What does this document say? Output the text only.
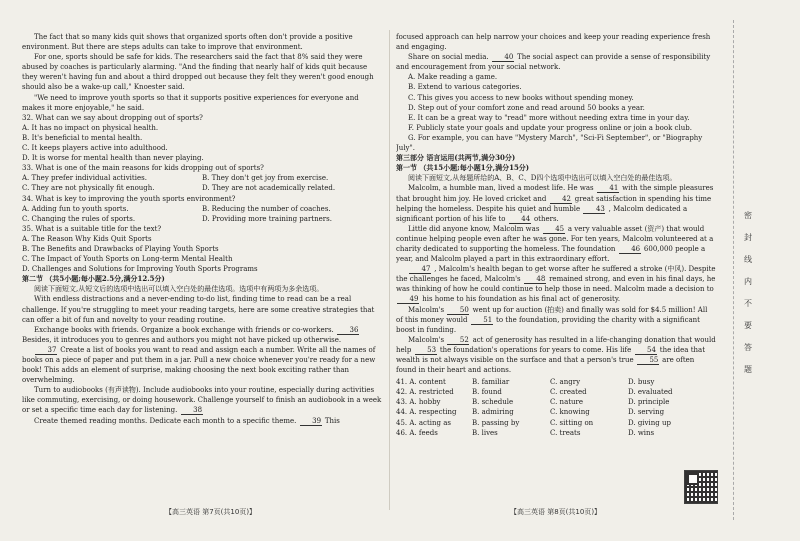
The fact that so many kids quit shows that organized sports often don't provide a positive environment. But there are steps adults can take to improve that environment.

For one, sports should be safe for kids. The researchers said the fact that 8% said they were abused by coaches is particularly alarming. "And the finding that nearly half of kids quit because they weren't having fun and about a third dropped out because they felt they weren't good enough should also be a wake-up call," Knoester said.

"We need to improve youth sports so that it supports positive experiences for everyone and makes it more enjoyable," he said.

32. What can we say about dropping out of sports?

A. It has no impact on physical health.

B. It's beneficial to mental health.

C. It keeps players active into adulthood.

D. It is worse for mental health than never playing.

33. What is one of the main reasons for kids dropping out of sports?

A. They prefer individual activities.	B. They don't get joy from exercise.
C. They are not physically fit enough.	D. They are not academically related.

34. What is key to improving the youth sports environment?

A. Adding fun to youth sports.	B. Reducing the number of coaches.
C. Changing the rules of sports.	D. Providing more training partners.

35. What is a suitable title for the text?

A. The Reason Why Kids Quit Sports

B. The Benefits and Drawbacks of Playing Youth Sports

C. The Impact of Youth Sports on Long-term Mental Health

D. Challenges and Solutions for Improving Youth Sports Programs

第二节 （共5小题;每小题2.5分,满分12.5分)

阅读下面短文,从短文后的选项中选出可以填入空白处的最佳选项。选项中有两项为多余选项。

With endless distractions and a never-ending to-do list, finding time to read can be a real challenge. If you're struggling to meet your reading targets, here are some creative strategies that can offer a bit of fun and novelty to your reading routine.

Exchange books with friends. Organize a book exchange with friends or co-workers. 36 Besides, it introduces you to genres and authors you might not have picked up otherwise.

37 Create a list of books you want to read and assign each a number. Write all the names of books on a piece of paper and put them in a jar. Pull a new choice whenever you're ready for a new book! This adds an element of surprise, making choosing the next book exciting rather than overwhelming.

Turn to audiobooks (有声读物). Include audiobooks into your routine, especially during activities like commuting, exercising, or doing housework. Challenge yourself to finish an audiobook in a week or set a specific time each day for listening. 38

Create themed reading months. Dedicate each month to a specific theme. 39 This

【高三英语 第7页(共10页)】

focused approach can help narrow your choices and keep your reading experience fresh and engaging.

Share on social media. 40 The social aspect can provide a sense of responsibility and encouragement from your social network.

A. Make reading a game.

B. Extend to various categories.

C. This gives you access to new books without spending money.

D. Step out of your comfort zone and read around 50 books a year.

E. It can be a great way to "read" more without needing extra time in your day.

F. Publicly state your goals and update your progress online or join a book club.

G. For example, you can have "Mystery March", "Sci-Fi September", or "Biography July".

第三部分 语言运用(共两节,满分30分)

第一节 （共15小题;每小题1分,满分15分)

阅读下面短文,从每题所给的A、B、C、D四个选项中选出可以填入空白处的最佳选项。

Malcolm, a humble man, lived a modest life. He was 41 with the simple pleasures that brought him joy. He loved cricket and 42 great satisfaction in spending his time helping the homeless. Despite his quiet and humble 43 , Malcolm dedicated a significant portion of his life to 44 others.

Little did anyone know, Malcolm was 45 a very valuable asset (资产) that would continue helping people even after he was gone. For ten years, Malcolm volunteered at a charity dedicated to supporting the homeless. The foundation 46 600,000 people a year, and Malcolm played a part in this extraordinary effort.

47 , Malcolm's health began to get worse after he suffered a stroke (中风). Despite the challenges he faced, Malcolm's 48 remained strong, and even in his final days, he was thinking of how he could continue to help those in need. Malcolm made a decision to 49 his home to his foundation as his final act of generosity.

Malcolm's 50 went up for auction (拍卖) and finally was sold for $4.5 million! All of this money would 51 to the foundation, providing the charity with a significant boost in funding.

Malcolm's 52 act of generosity has resulted in a life-changing donation that would help 53 the foundation's operations for years to come. His life 54 the idea that wealth is not always visible on the surface and that a person's true 55 are often found in their heart and actions.

41. A. content	B. familiar	C. angry	D. busy
42. A. restricted	B. found	C. created	D. evaluated
43. A. hobby	B. schedule	C. nature	D. principle
44. A. respecting	B. admiring	C. knowing	D. serving
45. A. acting as	B. passing by	C. sitting on	D. giving up
46. A. feeds	B. lives	C. treats	D. wins
【高三英语 第8页(共10页)】
密
封
线
内
不
要
答
题
